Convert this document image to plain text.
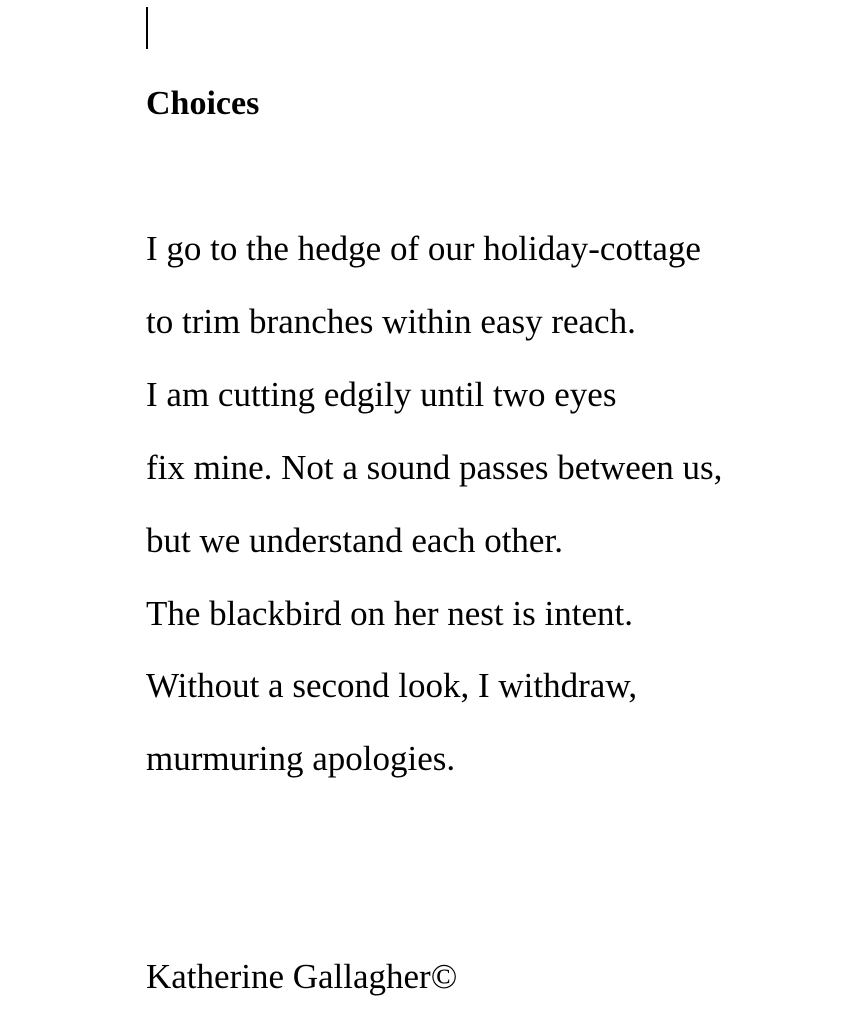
Choices
I go to the hedge of our holiday-cottage
to trim branches within easy reach.
I am cutting edgily until two eyes
fix mine. Not a sound passes between us,
but we understand each other.
The blackbird on her nest is intent.
Without a second look, I withdraw,
murmuring apologies.
Katherine Gallagher©
